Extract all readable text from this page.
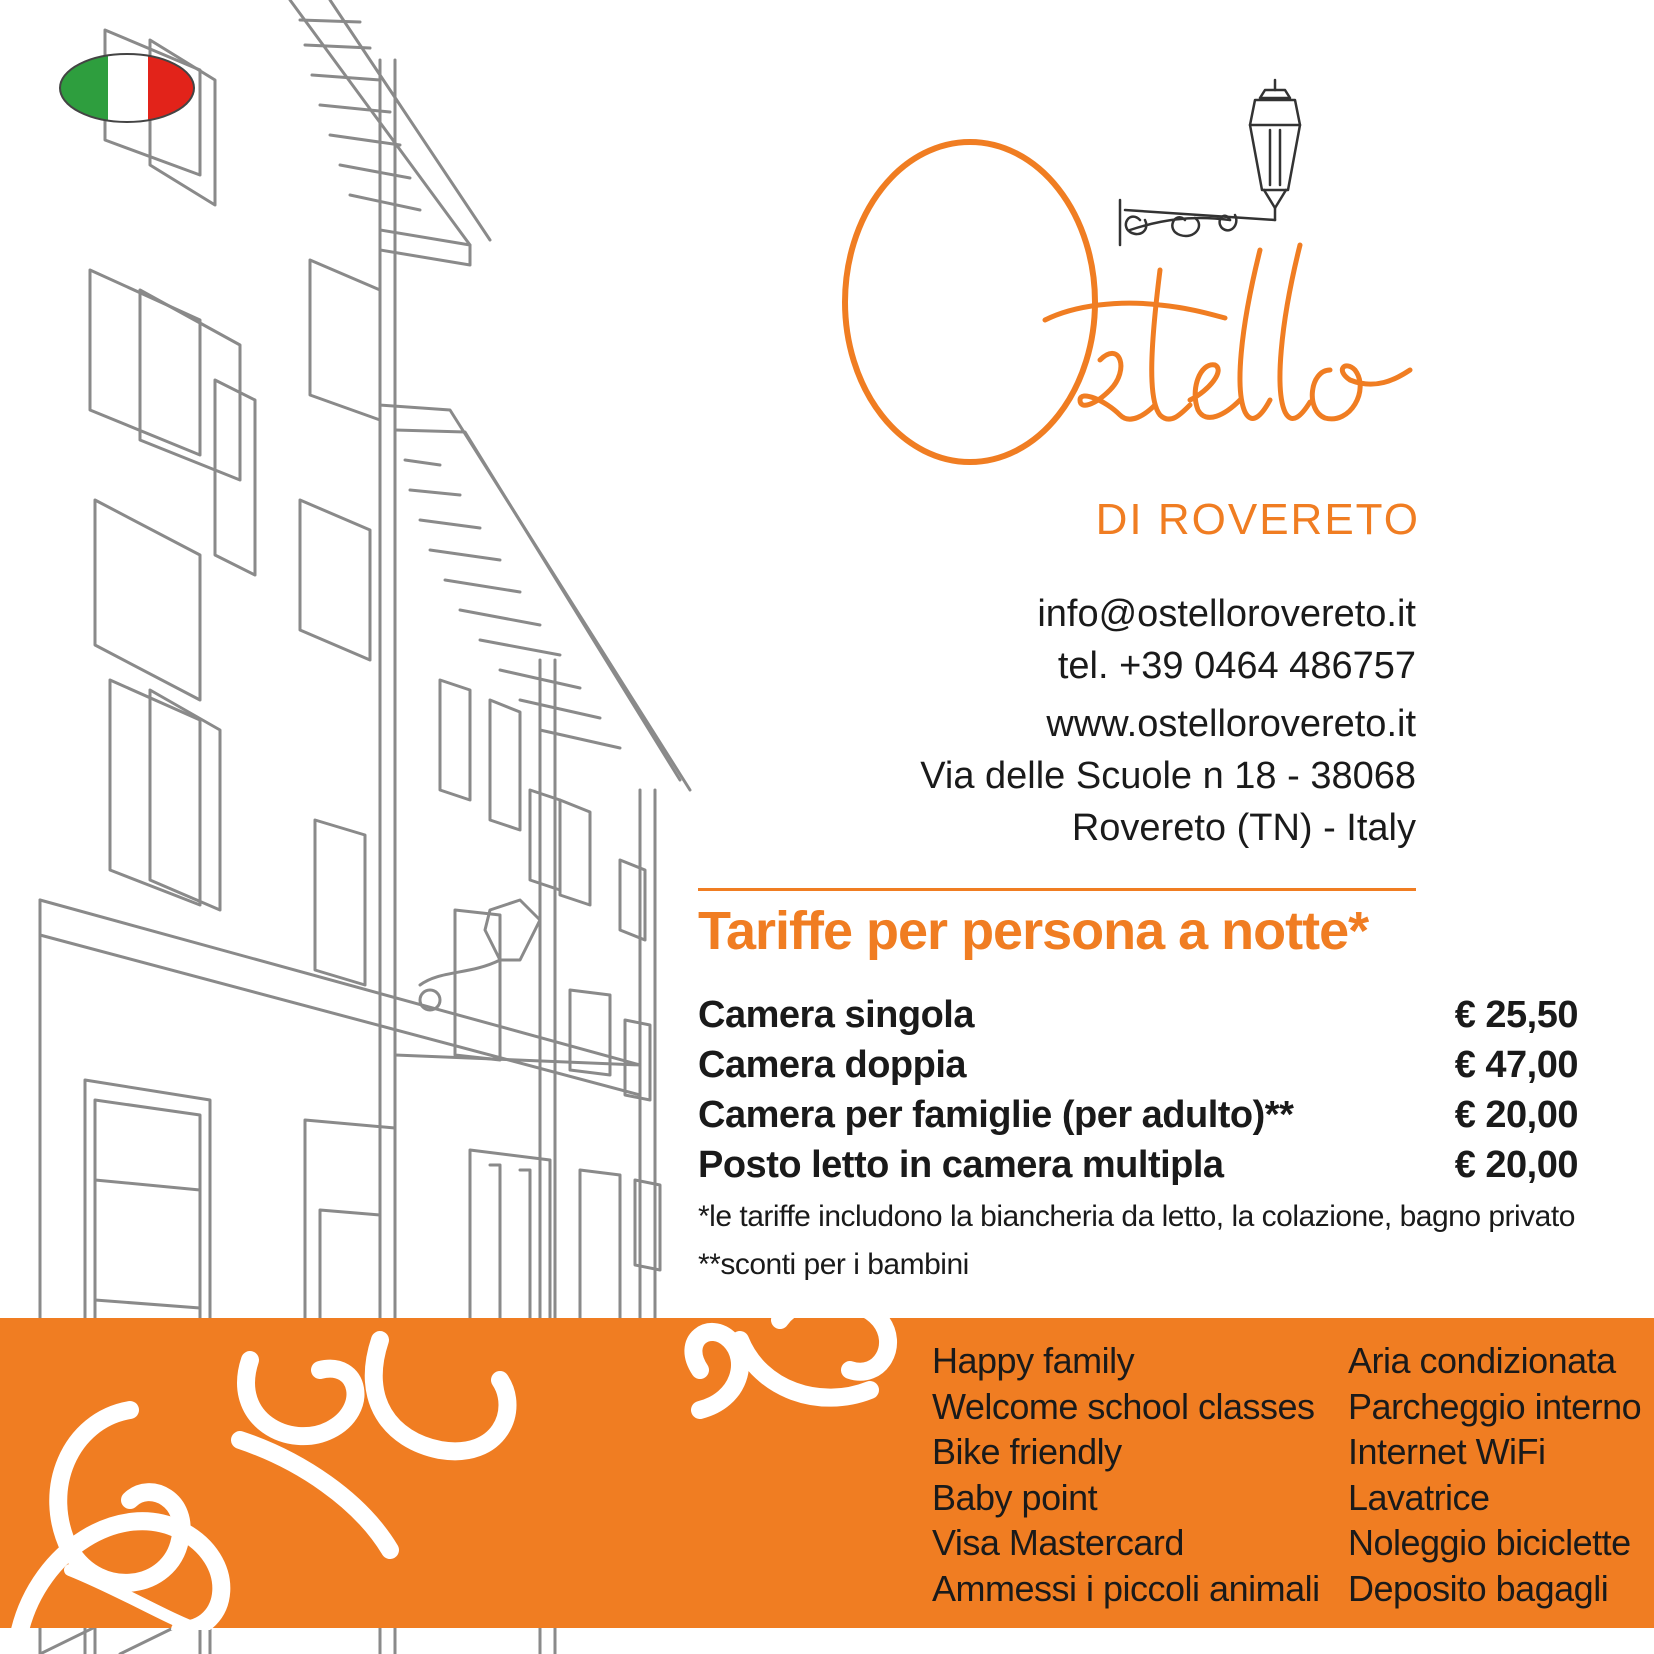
DI ROVERETO
info@ostellorovereto.it
tel. +39 0464 486757
www.ostellorovereto.it
Via delle Scuole n 18 - 38068
Rovereto (TN) - Italy
Tariffe per persona a notte*
Camera singola	€ 25,50
Camera doppia	€ 47,00
Camera per famiglie (per adulto)**	€ 20,00
Posto letto in camera multipla	€ 20,00
*le tariffe includono la biancheria da letto, la colazione, bagno privato
**sconti per i bambini
Happy family
Welcome school classes
Bike friendly
Baby point
Visa Mastercard
Ammessi i piccoli animali
Aria condizionata
Parcheggio interno
Internet WiFi
Lavatrice
Noleggio biciclette
Deposito bagagli
